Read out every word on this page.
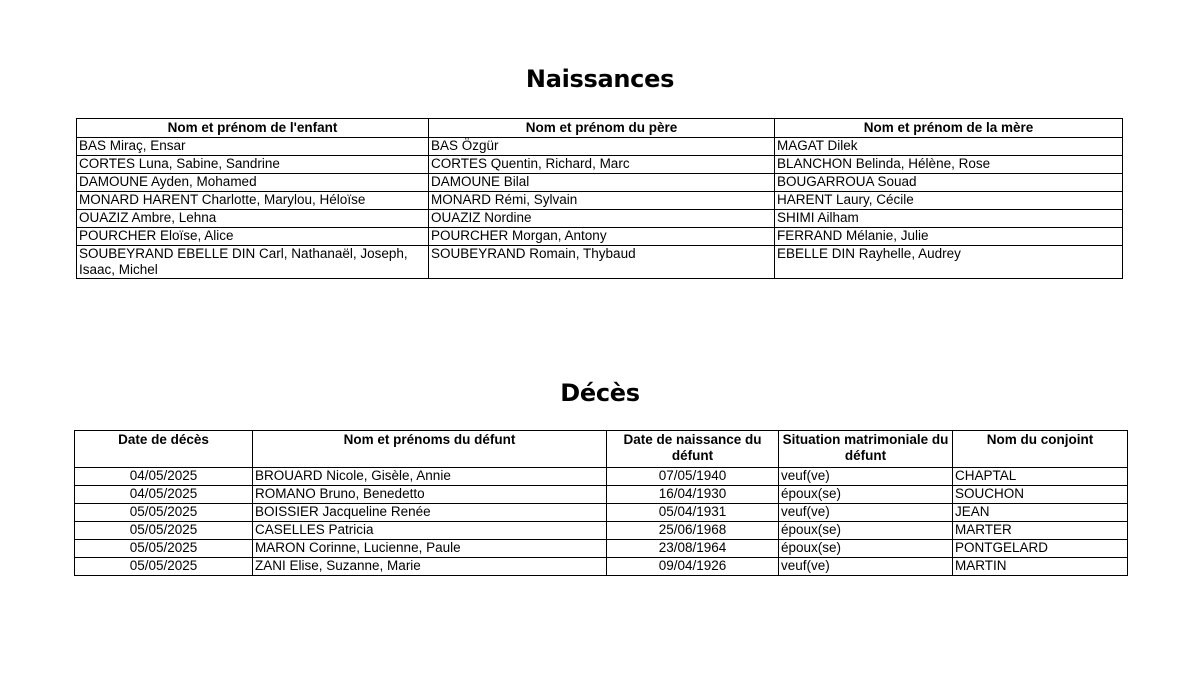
Naissances
Nom et prénom de l'enfant	Nom et prénom du père	Nom et prénom de la mère
BAS Miraç, Ensar	BAS Özgür	MAGAT Dilek
CORTES Luna, Sabine, Sandrine	CORTES Quentin, Richard, Marc	BLANCHON Belinda, Hélène, Rose
DAMOUNE Ayden, Mohamed	DAMOUNE Bilal	BOUGARROUA Souad
MONARD HARENT Charlotte, Marylou, Héloïse	MONARD Rémi, Sylvain	HARENT Laury, Cécile
OUAZIZ Ambre, Lehna	OUAZIZ Nordine	SHIMI Ailham
POURCHER Eloïse, Alice	POURCHER Morgan, Antony	FERRAND Mélanie, Julie
SOUBEYRAND EBELLE DIN Carl, Nathanaël, Joseph, Isaac, Michel	SOUBEYRAND Romain, Thybaud	EBELLE DIN Rayhelle, Audrey
Décès
Date de décès	Nom et prénoms du défunt	Date de naissance du défunt	Situation matrimoniale du défunt	Nom du conjoint
04/05/2025	BROUARD Nicole, Gisèle, Annie	07/05/1940	veuf(ve)	CHAPTAL
04/05/2025	ROMANO Bruno, Benedetto	16/04/1930	époux(se)	SOUCHON
05/05/2025	BOISSIER Jacqueline Renée	05/04/1931	veuf(ve)	JEAN
05/05/2025	CASELLES Patricia	25/06/1968	époux(se)	MARTER
05/05/2025	MARON Corinne, Lucienne, Paule	23/08/1964	époux(se)	PONTGELARD
05/05/2025	ZANI Elise, Suzanne, Marie	09/04/1926	veuf(ve)	MARTIN
